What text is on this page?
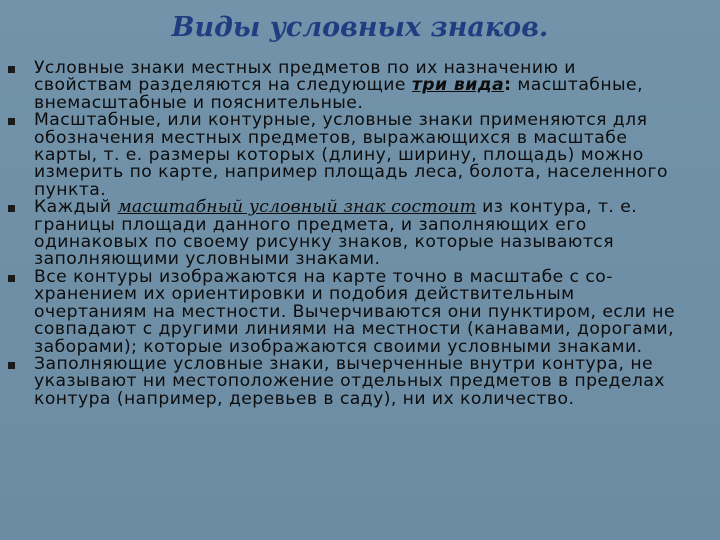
Виды условных знаков.
Условные знаки местных предметов по их назначению и свойствам разделяются на следующие три вида: масштабные, внемасштабные и пояснительные.
Масштабные, или контурные, условные знаки применяются для обозначения местных предметов, выражающихся в масштабе карты, т. е. размеры которых (длину, ширину, площадь) можно измерить по карте, например площадь леса, болота, населенного пункта.
Каждый масштабный условный знак состоит из контура, т. е. границы площади данного предмета, и заполняющих его одинаковых по своему рисунку знаков, которые называются заполняющими условными знаками.
Все контуры изображаются на карте точно в масштабе с со-хранением их ориентировки и подобия действительным очертаниям на местности. Вычерчиваются они пунктиром, если не совпадают с другими линиями на местности (канавами, дорогами, заборами); которые изображаются своими условными знаками.
Заполняющие условные знаки, вычерченные внутри контура, не указывают ни местоположение отдельных предметов в пределах контура (например, деревьев в саду), ни их количество.
